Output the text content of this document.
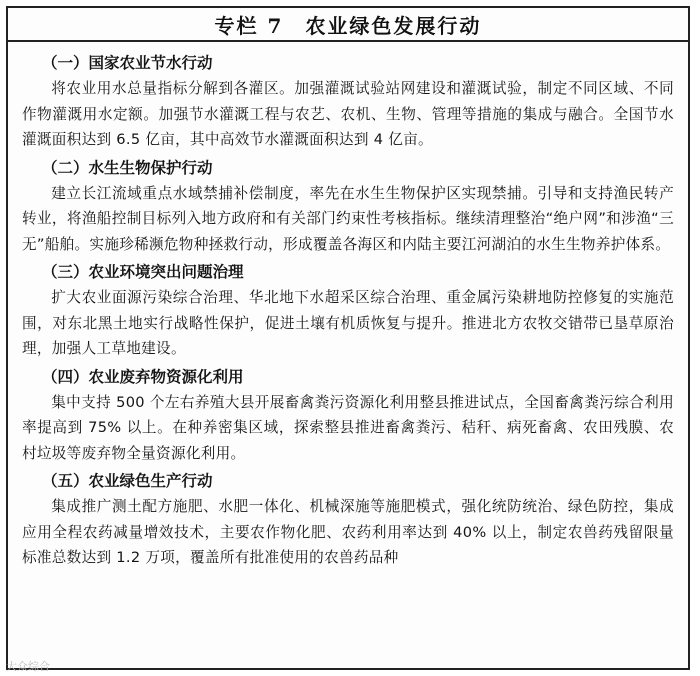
专栏 7 农业绿色发展行动
（一）国家农业节水行动
将农业用水总量指标分解到各灌区。加强灌溉试验站网建设和灌溉试验，制定不同区域、不同作物灌溉用水定额。加强节水灌溉工程与农艺、农机、生物、管理等措施的集成与融合。全国节水灌溉面积达到 6.5 亿亩，其中高效节水灌溉面积达到 4 亿亩。
（二）水生生物保护行动
建立长江流域重点水域禁捕补偿制度，率先在水生生物保护区实现禁捕。引导和支持渔民转产转业，将渔船控制目标列入地方政府和有关部门约束性考核指标。继续清理整治“绝户网”和涉渔“三无”船舶。实施珍稀濒危物种拯救行动，形成覆盖各海区和内陆主要江河湖泊的水生生物养护体系。
（三）农业环境突出问题治理
扩大农业面源污染综合治理、华北地下水超采区综合治理、重金属污染耕地防控修复的实施范围，对东北黑土地实行战略性保护，促进土壤有机质恢复与提升。推进北方农牧交错带已垦草原治理，加强人工草地建设。
（四）农业废弃物资源化利用
集中支持 500 个左右养殖大县开展畜禽粪污资源化利用整县推进试点，全国畜禽粪污综合利用率提高到 75% 以上。在种养密集区域，探索整县推进畜禽粪污、秸秆、病死畜禽、农田残膜、农村垃圾等废弃物全量资源化利用。
（五）农业绿色生产行动
集成推广测土配方施肥、水肥一体化、机械深施等施肥模式，强化统防统治、绿色防控，集成应用全程农药减量增效技术，主要农作物化肥、农药利用率达到 40% 以上，制定农兽药残留限量标准总数达到 1.2 万项，覆盖所有批准使用的农兽药品种
大众综合
